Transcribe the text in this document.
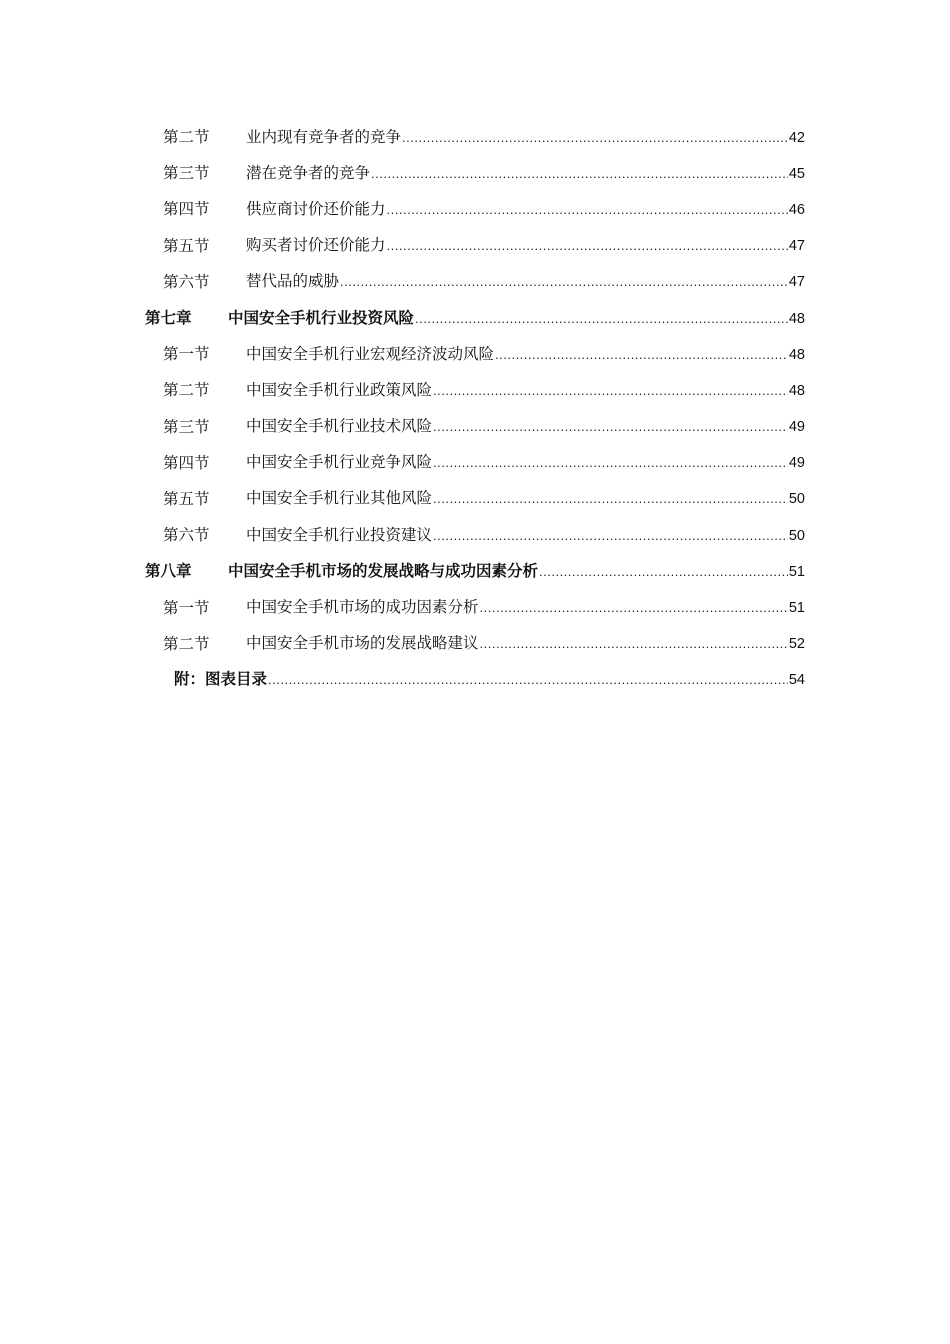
第二节 业内现有竞争者的竞争 .....	42
第三节 潜在竞争者的竞争 .....	45
第四节 供应商讨价还价能力 .....	46
第五节 购买者讨价还价能力 .....	47
第六节 替代品的威胁 .....	47
第七章 中国安全手机行业投资风险 .....	48
第一节 中国安全手机行业宏观经济波动风险 .....	48
第二节 中国安全手机行业政策风险 .....	48
第三节 中国安全手机行业技术风险 .....	49
第四节 中国安全手机行业竞争风险 .....	49
第五节 中国安全手机行业其他风险 .....	50
第六节 中国安全手机行业投资建议 .....	50
第八章 中国安全手机市场的发展战略与成功因素分析 .....	51
第一节 中国安全手机市场的成功因素分析 .....	51
第二节 中国安全手机市场的发展战略建议 .....	52
附：图表目录 .....	54
